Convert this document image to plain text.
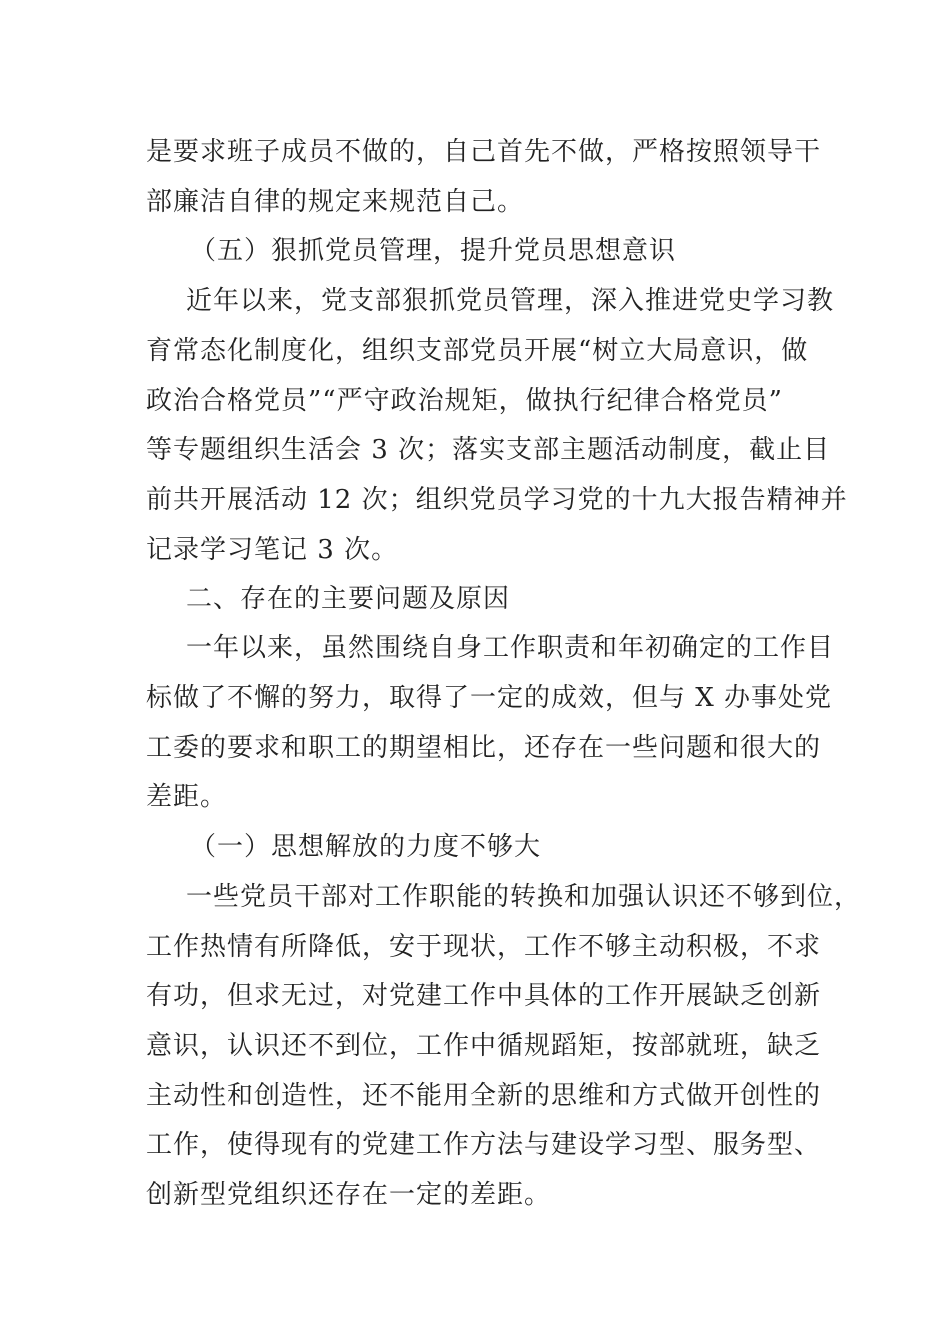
是要求班子成员不做的，自己首先不做，严格按照领导干
部廉洁自律的规定来规范自己。
（五）狠抓党员管理，提升党员思想意识
近年以来，党支部狠抓党员管理，深入推进党史学习教
育常态化制度化，组织支部党员开展“树立大局意识，做
政治合格党员”“严守政治规矩，做执行纪律合格党员”
等专题组织生活会 3 次；落实支部主题活动制度，截止目
前共开展活动 12 次；组织党员学习党的十九大报告精神并
记录学习笔记 3 次。
二、存在的主要问题及原因
一年以来，虽然围绕自身工作职责和年初确定的工作目
标做了不懈的努力，取得了一定的成效，但与 X 办事处党
工委的要求和职工的期望相比，还存在一些问题和很大的
差距。
（一）思想解放的力度不够大
一些党员干部对工作职能的转换和加强认识还不够到位，
工作热情有所降低，安于现状，工作不够主动积极，不求
有功，但求无过，对党建工作中具体的工作开展缺乏创新
意识，认识还不到位，工作中循规蹈矩，按部就班，缺乏
主动性和创造性，还不能用全新的思维和方式做开创性的
工作，使得现有的党建工作方法与建设学习型、服务型、
创新型党组织还存在一定的差距。
